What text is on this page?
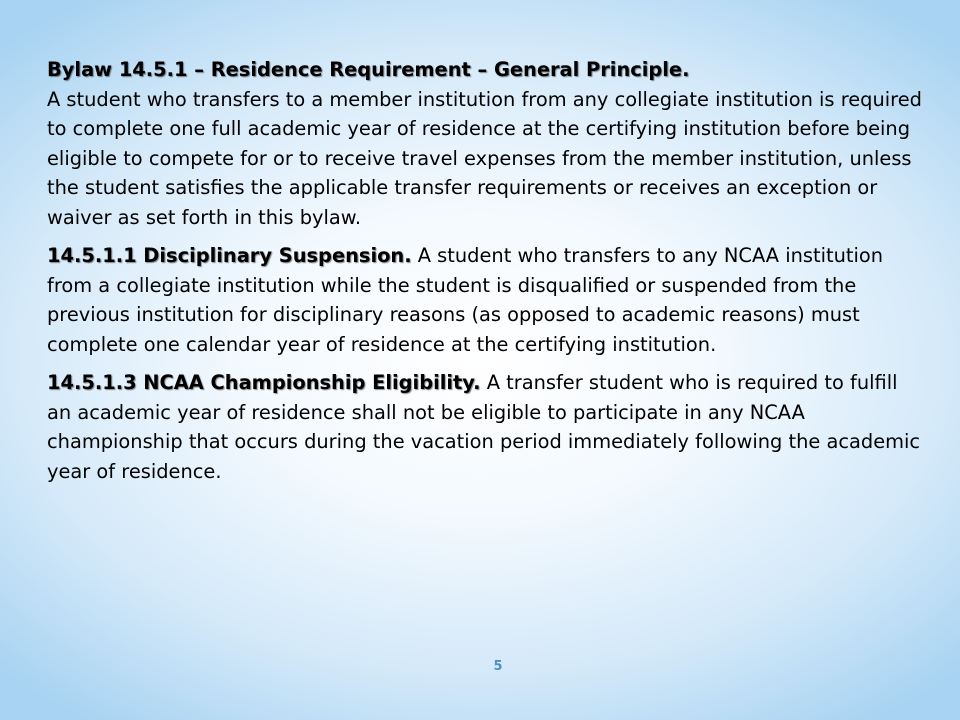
Bylaw 14.5.1 – Residence Requirement – General Principle.
A student who transfers to a member institution from any collegiate institution is required to complete one full academic year of residence at the certifying institution before being eligible to compete for or to receive travel expenses from the member institution, unless the student satisfies the applicable transfer requirements or receives an exception or waiver as set forth in this bylaw.

14.5.1.1 Disciplinary Suspension. A student who transfers to any NCAA institution from a collegiate institution while the student is disqualified or suspended from the previous institution for disciplinary reasons (as opposed to academic reasons) must complete one calendar year of residence at the certifying institution.

14.5.1.3 NCAA Championship Eligibility. A transfer student who is required to fulfill an academic year of residence shall not be eligible to participate in any NCAA championship that occurs during the vacation period immediately following the academic year of residence.

5
